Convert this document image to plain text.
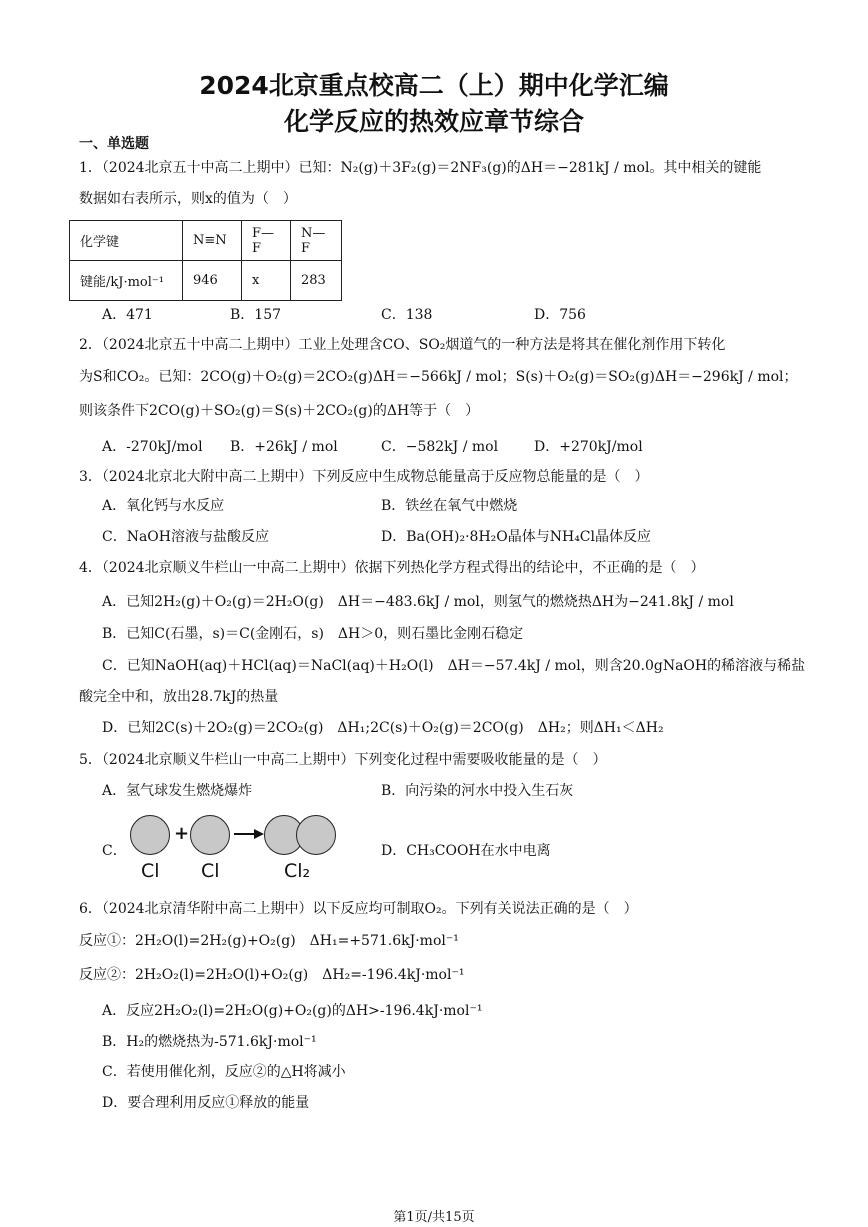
2024北京重点校高二（上）期中化学汇编
化学反应的热效应章节综合
一、单选题
1．（2024北京五十中高二上期中）已知：N₂(g)＋3F₂(g)＝2NF₃(g)的ΔH＝−281kJ / mol。其中相关的键能
数据如右表所示，则x的值为（　）
化学键	N≡N	F—F	N—F
键能/kJ·mol⁻¹	946	x	283
A．471	B．157	C．138	D．756
2．（2024北京五十中高二上期中）工业上处理含CO、SO₂烟道气的一种方法是将其在催化剂作用下转化
为S和CO₂。已知：2CO(g)＋O₂(g)＝2CO₂(g)ΔH＝−566kJ / mol；S(s)＋O₂(g)＝SO₂(g)ΔH＝−296kJ / mol；
则该条件下2CO(g)＋SO₂(g)＝S(s)＋2CO₂(g)的ΔH等于（　）
A．-270kJ/mol B．+26kJ / mol	C．−582kJ / mol	D．+270kJ/mol
3．（2024北京北大附中高二上期中）下列反应中生成物总能量高于反应物总能量的是（　）
A．氧化钙与水反应	B．铁丝在氧气中燃烧
C．NaOH溶液与盐酸反应	D．Ba(OH)₂·8H₂O晶体与NH₄Cl晶体反应
4．（2024北京顺义牛栏山一中高二上期中）依据下列热化学方程式得出的结论中，不正确的是（　）
A．已知2H₂(g)＋O₂(g)＝2H₂O(g)　ΔH＝−483.6kJ / mol，则氢气的燃烧热ΔH为−241.8kJ / mol
B．已知C(石墨，s)＝C(金刚石，s)　ΔH＞0，则石墨比金刚石稳定
C．已知NaOH(aq)＋HCl(aq)＝NaCl(aq)＋H₂O(l)　ΔH＝−57.4kJ / mol，则含20.0gNaOH的稀溶液与稀盐
酸完全中和，放出28.7kJ的热量
D．已知2C(s)＋2O₂(g)＝2CO₂(g)　ΔH₁;2C(s)＋O₂(g)＝2CO(g)　ΔH₂；则ΔH₁＜ΔH₂
5．（2024北京顺义牛栏山一中高二上期中）下列变化过程中需要吸收能量的是（　）
A．氢气球发生燃烧爆炸	B．向污染的河水中投入生石灰
C．
+
Cl Cl	Cl₂
D．CH₃COOH在水中电离
6．（2024北京清华附中高二上期中）以下反应均可制取O₂。下列有关说法正确的是（　）
反应①：2H₂O(l)=2H₂(g)+O₂(g)　ΔH₁=+571.6kJ·mol⁻¹
反应②：2H₂O₂(l)=2H₂O(l)+O₂(g)　ΔH₂=-196.4kJ·mol⁻¹
A．反应2H₂O₂(l)=2H₂O(g)+O₂(g)的ΔH>-196.4kJ·mol⁻¹
B．H₂的燃烧热为-571.6kJ·mol⁻¹
C．若使用催化剂，反应②的△H将减小
D．要合理利用反应①释放的能量
第1页/共15页
